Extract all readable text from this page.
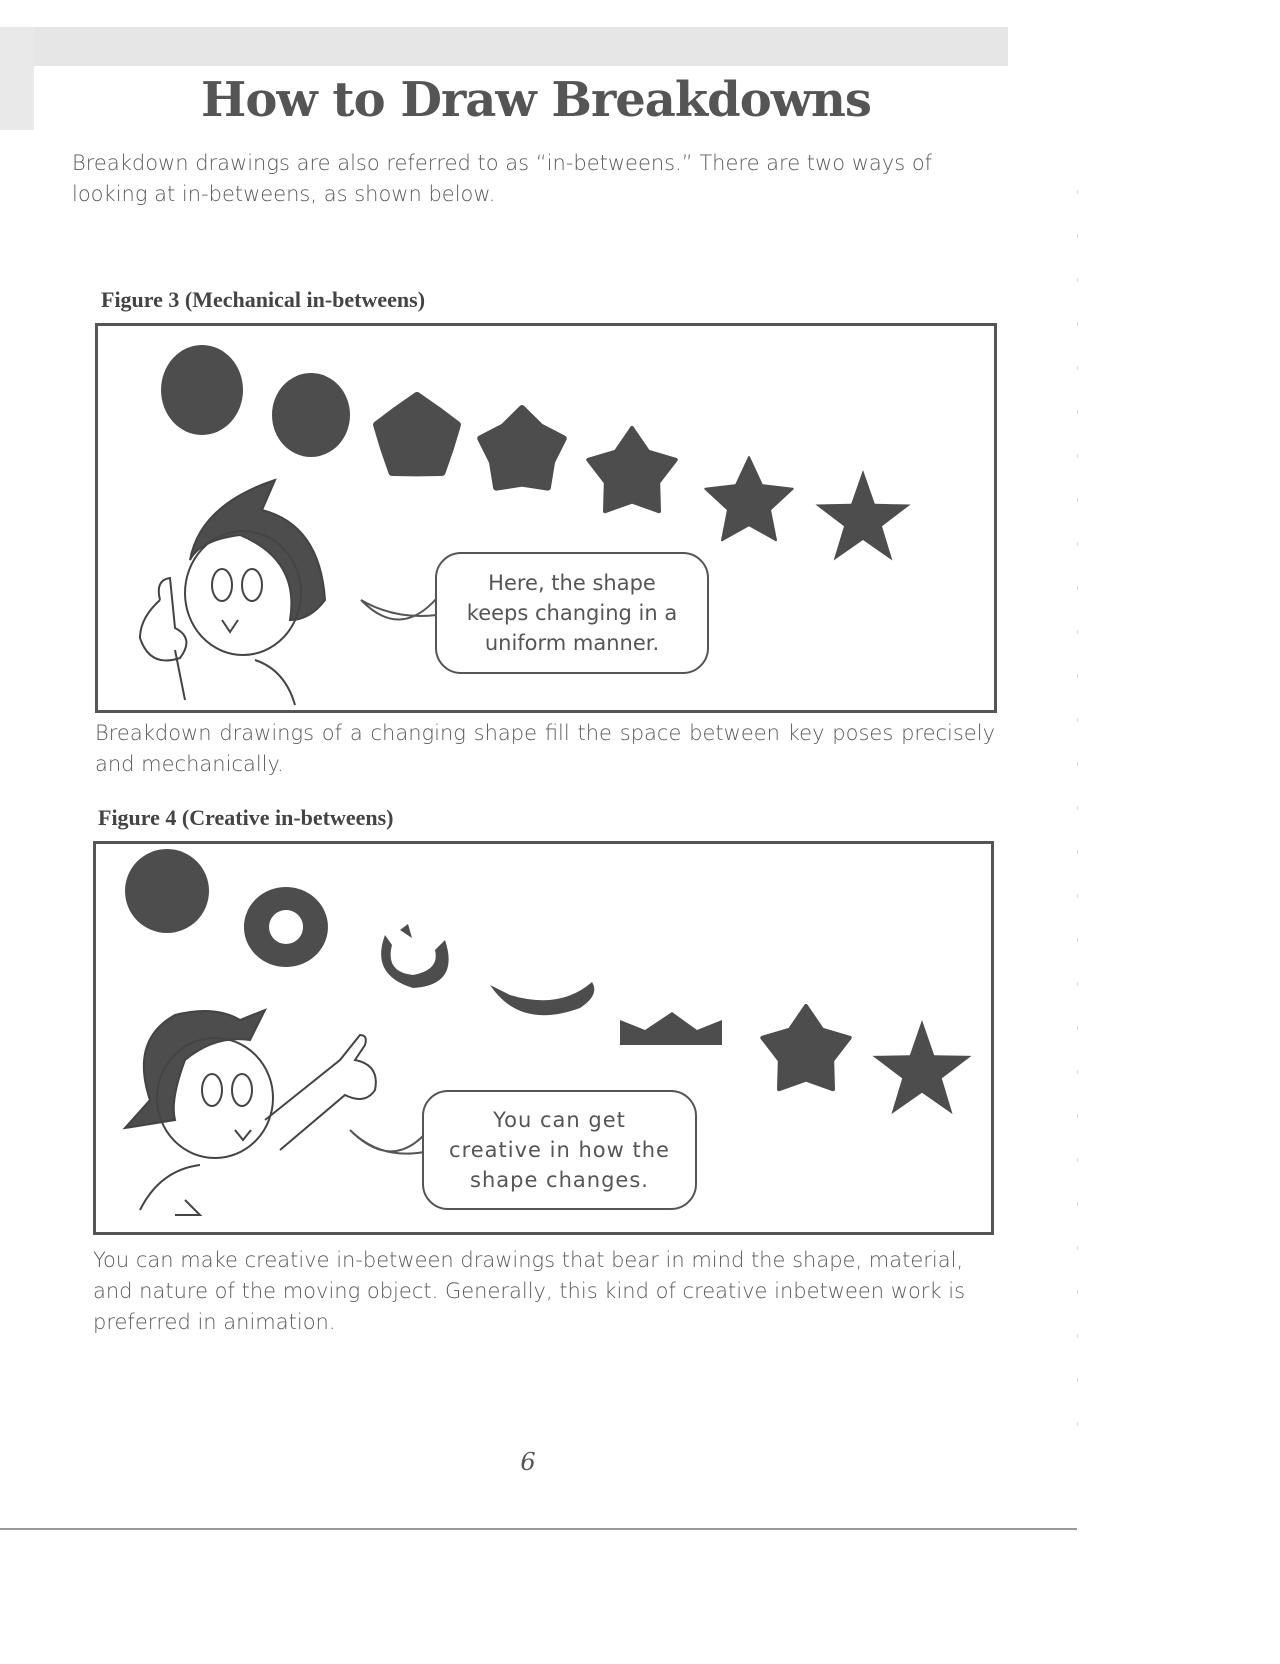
How to Draw Breakdowns
Breakdown drawings are also referred to as “in-betweens.” There are two ways of looking at in-betweens, as shown below.
Figure 3 (Mechanical in-betweens)
Breakdown drawings of a changing shape fill the space between key poses precisely and mechanically.
Figure 4 (Creative in-betweens)
You can make creative in-between drawings that bear in mind the shape, material, and nature of the moving object. Generally, this kind of creative inbetween work is preferred in animation.
Here, the shape
keeps changing in a
uniform manner.
You can get
creative in how the
shape changes.
6
